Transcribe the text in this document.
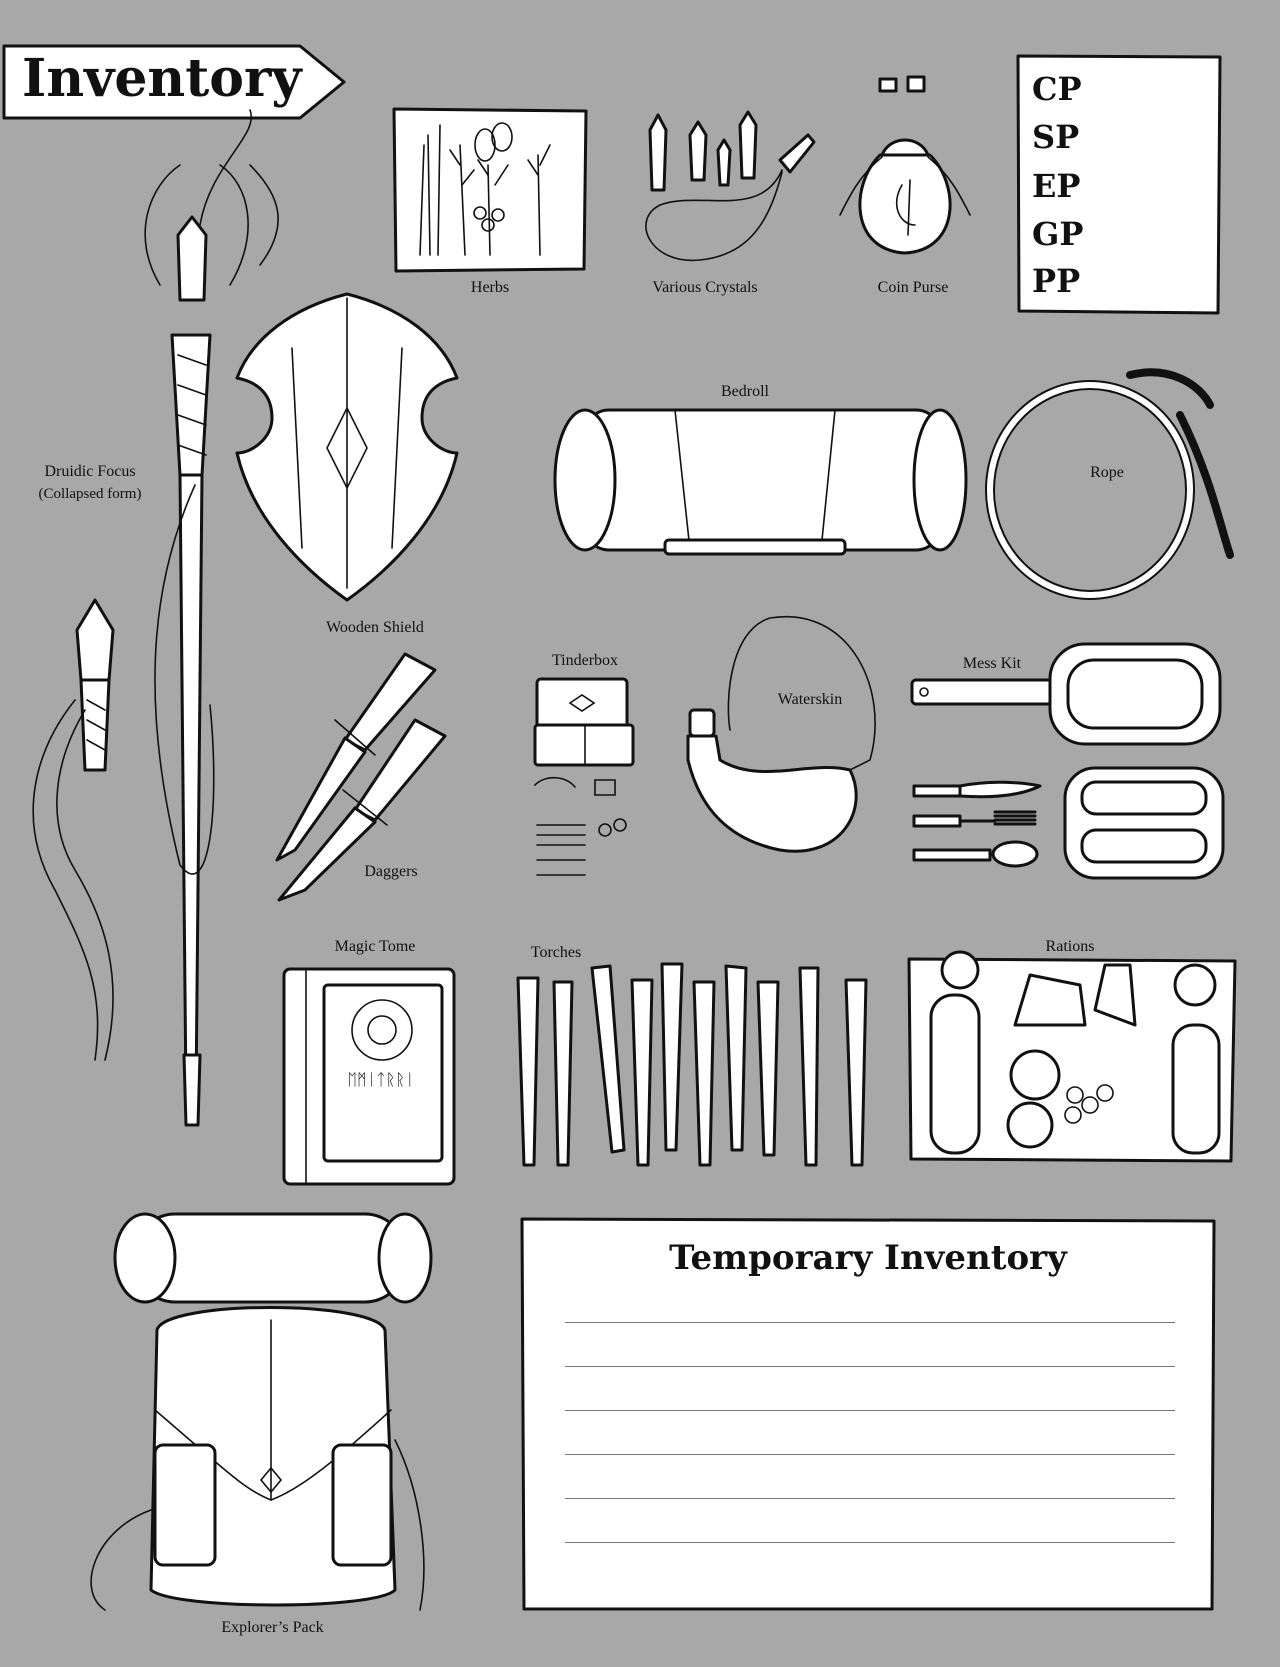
Inventory	CP
SP
EP
GP
PP
Herbs	Various Crystals	Coin Purse
Druidic Focus
(Collapsed form)
Wooden Shield
Bedroll
Rope
Tinderbox
Waterskin
Mess Kit
Daggers
Magic Tome
ᛖᛗᛁᛏᚱᚱᛁ
Torches	Rations
Explorer’s Pack
Temporary Inventory
